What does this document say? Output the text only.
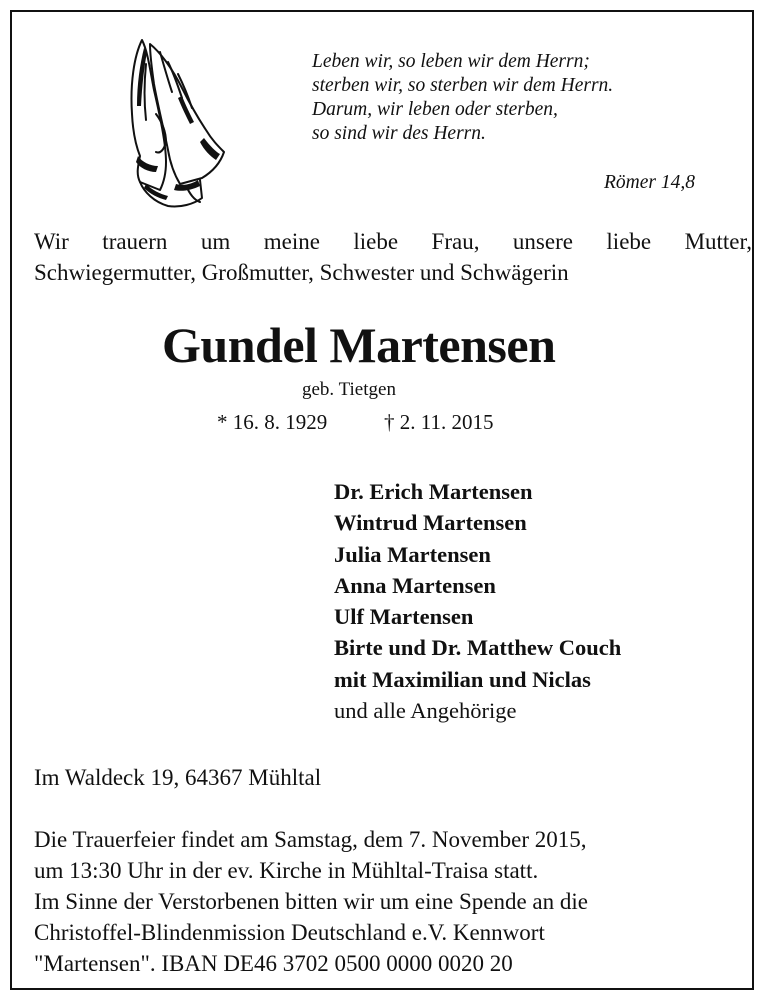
Leben wir, so leben wir dem Herrn;
sterben wir, so sterben wir dem Herrn.
Darum, wir leben oder sterben,
so sind wir des Herrn.
Römer 14,8
Wir trauern um meine liebe Frau, unsere liebe Mutter,
Schwiegermutter, Großmutter, Schwester und Schwägerin
Gundel Martensen
geb. Tietgen
* 16. 8. 1929	† 2. 11. 2015
Dr. Erich Martensen
Wintrud Martensen
Julia Martensen
Anna Martensen
Ulf Martensen
Birte und Dr. Matthew Couch
mit Maximilian und Niclas
und alle Angehörige
Im Waldeck 19, 64367 Mühltal
Die Trauerfeier findet am Samstag, dem 7. November 2015,
um 13:30 Uhr in der ev. Kirche in Mühltal-Traisa statt.
Im Sinne der Verstorbenen bitten wir um eine Spende an die
Christoffel-Blindenmission Deutschland e.V. Kennwort
"Martensen". IBAN DE46 3702 0500 0000 0020 20
